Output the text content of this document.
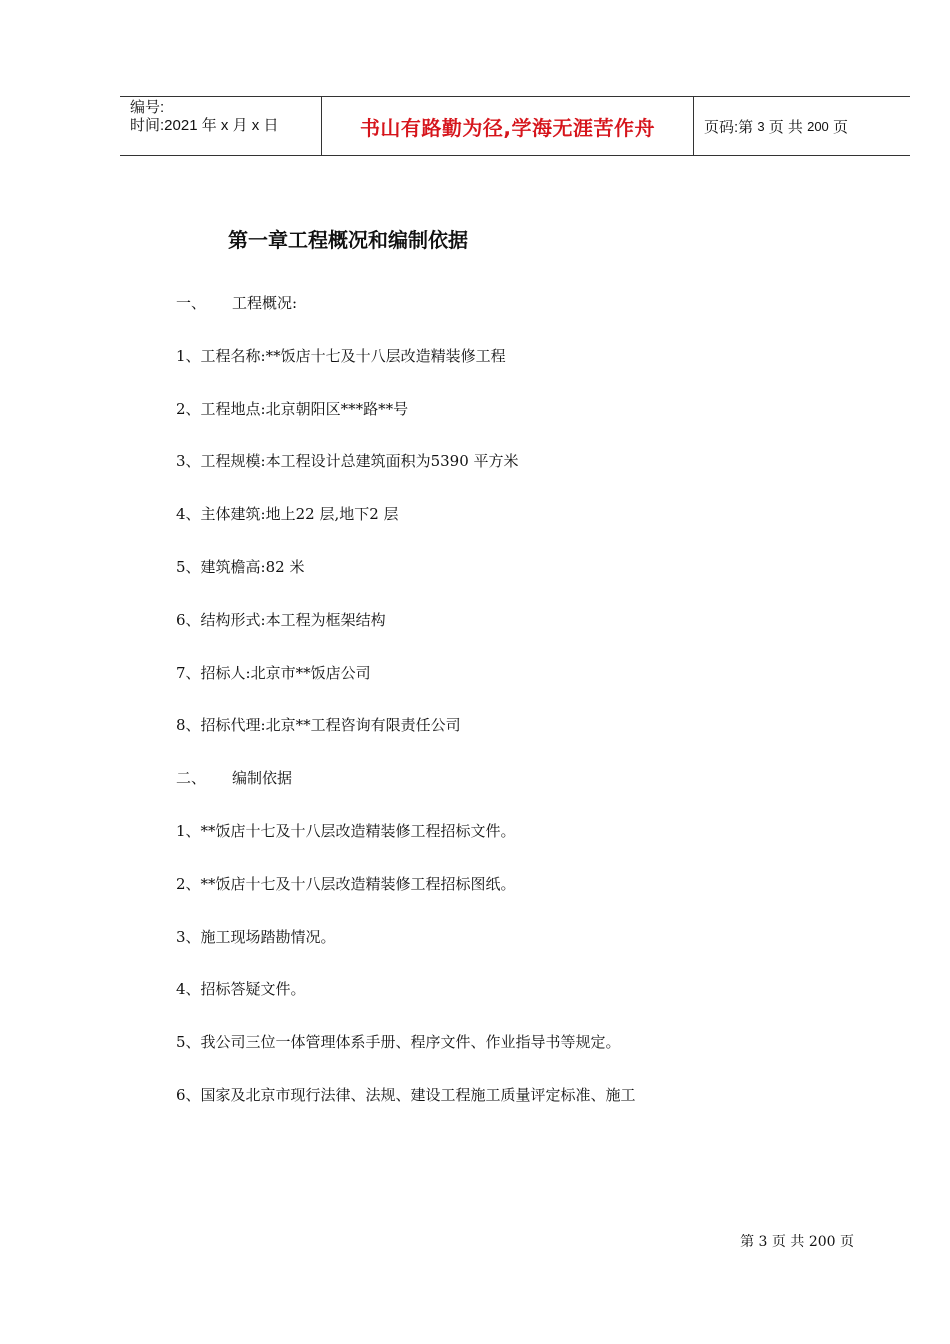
编号:
时间:2021 年 x 月 x 日	书山有路勤为径,学海无涯苦作舟	页码:第
3
页 共
200
页
第一章工程概况和编制依据
一、 工程概况:
1、工程名称:**饭店十七及十八层改造精装修工程
2、工程地点:北京朝阳区***路**号
3、工程规模:本工程设计总建筑面积为5390 平方米
4、主体建筑:地上22 层,地下2 层
5、建筑檐高:82 米
6、结构形式:本工程为框架结构
7、招标人:北京市**饭店公司
8、招标代理:北京**工程咨询有限责任公司
二、 编制依据
1、**饭店十七及十八层改造精装修工程招标文件。
2、**饭店十七及十八层改造精装修工程招标图纸。
3、施工现场踏勘情况。
4、招标答疑文件。
5、我公司三位一体管理体系手册、程序文件、作业指导书等规定。
6、国家及北京市现行法律、法规、建设工程施工质量评定标准、施工
第 3 页 共 200 页
